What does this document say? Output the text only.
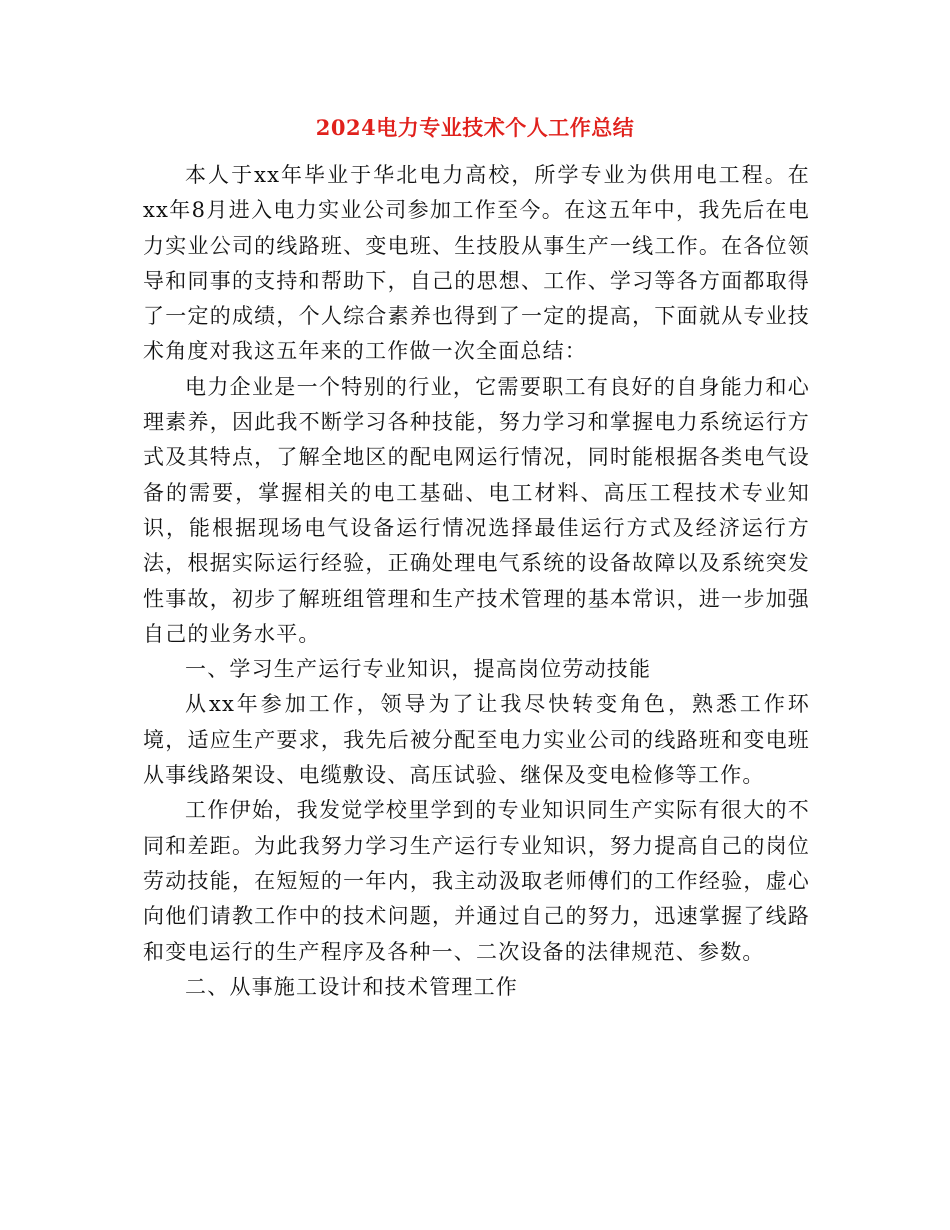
2024电力专业技术个人工作总结

本人于xx年毕业于华北电力高校，所学专业为供用电工程。在xx年8月进入电力实业公司参加工作至今。在这五年中，我先后在电力实业公司的线路班、变电班、生技股从事生产一线工作。在各位领导和同事的支持和帮助下，自己的思想、工作、学习等各方面都取得了一定的成绩，个人综合素养也得到了一定的提高，下面就从专业技术角度对我这五年来的工作做一次全面总结：

电力企业是一个特别的行业，它需要职工有良好的自身能力和心理素养，因此我不断学习各种技能，努力学习和掌握电力系统运行方式及其特点，了解全地区的配电网运行情况，同时能根据各类电气设备的需要，掌握相关的电工基础、电工材料、高压工程技术专业知识，能根据现场电气设备运行情况选择最佳运行方式及经济运行方法，根据实际运行经验，正确处理电气系统的设备故障以及系统突发性事故，初步了解班组管理和生产技术管理的基本常识，进一步加强自己的业务水平。

一、学习生产运行专业知识，提高岗位劳动技能

从xx年参加工作，领导为了让我尽快转变角色，熟悉工作环境，适应生产要求，我先后被分配至电力实业公司的线路班和变电班从事线路架设、电缆敷设、高压试验、继保及变电检修等工作。

工作伊始，我发觉学校里学到的专业知识同生产实际有很大的不同和差距。为此我努力学习生产运行专业知识，努力提高自己的岗位劳动技能，在短短的一年内，我主动汲取老师傅们的工作经验，虚心向他们请教工作中的技术问题，并通过自己的努力，迅速掌握了线路和变电运行的生产程序及各种一、二次设备的法律规范、参数。

二、从事施工设计和技术管理工作
